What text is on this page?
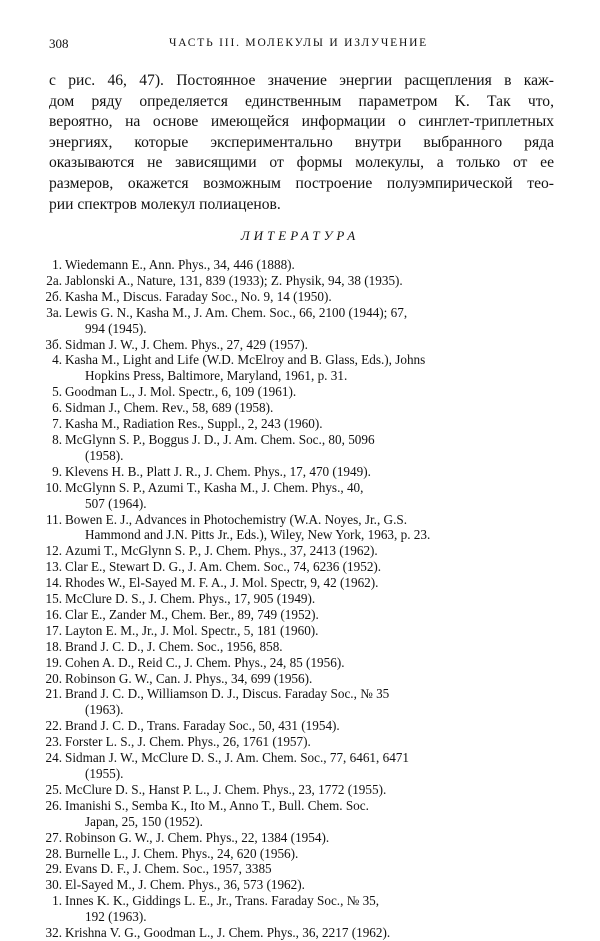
308	ЧАСТЬ III. МОЛЕКУЛЫ И ИЗЛУЧЕНИЕ
с рис. 46, 47). Постоянное значение энергии расщепления в каж-
дом ряду определяется единственным параметром K. Так что,
вероятно, на основе имеющейся информации о синглет-триплетных
энергиях, которые экспериментально внутри выбранного ряда
оказываются не зависящими от формы молекулы, а только от ее
размеров, окажется возможным построение полуэмпирической тео-
рии спектров молекул полиаценов.
ЛИТЕРАТУРА
1. Wiedemann E., Ann. Phys., 34, 446 (1888).
2а. Jablonski A., Nature, 131, 839 (1933); Z. Physik, 94, 38 (1935).
2б. Kasha M., Discus. Faraday Soc., No. 9, 14 (1950).
3а. Lewis G. N., Kasha M., J. Am. Chem. Soc., 66, 2100 (1944); 67,
994 (1945).
3б. Sidman J. W., J. Chem. Phys., 27, 429 (1957).
4. Kasha M., Light and Life (W.D. McElroy and B. Glass, Eds.), Johns
Hopkins Press, Baltimore, Maryland, 1961, p. 31.
5. Goodman L., J. Mol. Spectr., 6, 109 (1961).
6. Sidman J., Chem. Rev., 58, 689 (1958).
7. Kasha M., Radiation Res., Suppl., 2, 243 (1960).
8. McGlynn S. P., Boggus J. D., J. Am. Chem. Soc., 80, 5096
(1958).
9. Klevens H. B., Platt J. R., J. Chem. Phys., 17, 470 (1949).
10. McGlynn S. P., Azumi T., Kasha M., J. Chem. Phys., 40,
507 (1964).
11. Bowen E. J., Advances in Photochemistry (W.A. Noyes, Jr., G.S.
Hammond and J.N. Pitts Jr., Eds.), Wiley, New York, 1963, p. 23.
12. Azumi T., McGlynn S. P., J. Chem. Phys., 37, 2413 (1962).
13. Clar E., Stewart D. G., J. Am. Chem. Soc., 74, 6236 (1952).
14. Rhodes W., El-Sayed M. F. A., J. Mol. Spectr, 9, 42 (1962).
15. McClure D. S., J. Chem. Phys., 17, 905 (1949).
16. Clar E., Zander M., Chem. Ber., 89, 749 (1952).
17. Layton E. M., Jr., J. Mol. Spectr., 5, 181 (1960).
18. Brand J. C. D., J. Chem. Soc., 1956, 858.
19. Cohen A. D., Reid C., J. Chem. Phys., 24, 85 (1956).
20. Robinson G. W., Can. J. Phys., 34, 699 (1956).
21. Brand J. C. D., Williamson D. J., Discus. Faraday Soc., № 35
(1963).
22. Brand J. C. D., Trans. Faraday Soc., 50, 431 (1954).
23. Forster L. S., J. Chem. Phys., 26, 1761 (1957).
24. Sidman J. W., McClure D. S., J. Am. Chem. Soc., 77, 6461, 6471
(1955).
25. McClure D. S., Hanst P. L., J. Chem. Phys., 23, 1772 (1955).
26. Imanishi S., Semba K., Ito M., Anno T., Bull. Chem. Soc.
Japan, 25, 150 (1952).
27. Robinson G. W., J. Chem. Phys., 22, 1384 (1954).
28. Burnelle L., J. Chem. Phys., 24, 620 (1956).
29. Evans D. F., J. Chem. Soc., 1957, 3385
30. El-Sayed M., J. Chem. Phys., 36, 573 (1962).
1. Innes K. K., Giddings L. E., Jr., Trans. Faraday Soc., № 35,
192 (1963).
32. Krishna V. G., Goodman L., J. Chem. Phys., 36, 2217 (1962).
